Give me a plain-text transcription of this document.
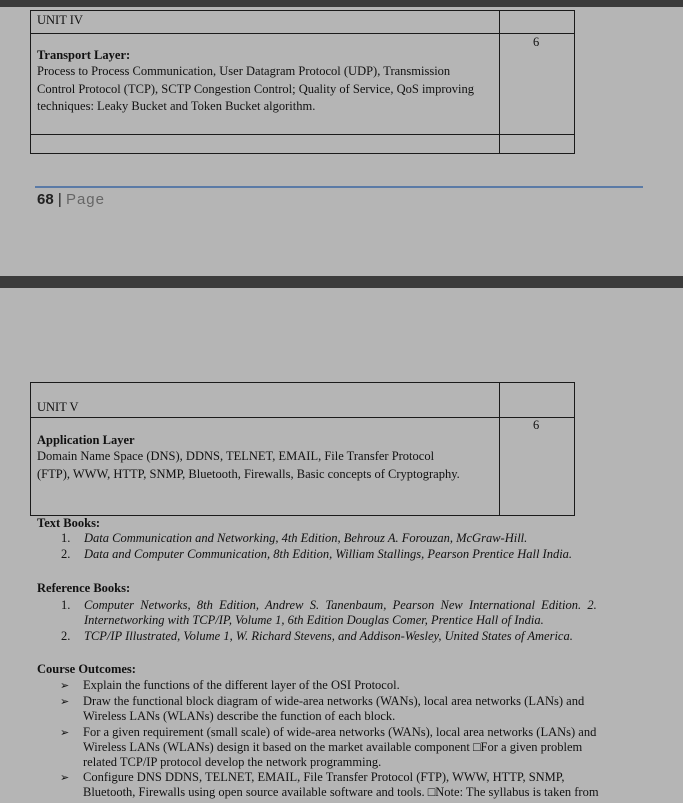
UNIT IV
6
Transport Layer:
Process to Process Communication, User Datagram Protocol (UDP), Transmission Control Protocol (TCP), SCTP Congestion Control; Quality of Service, QoS improving techniques: Leaky Bucket and Token Bucket algorithm.
68 | Page
UNIT V
6
Application Layer
Domain Name Space (DNS), DDNS, TELNET, EMAIL, File Transfer Protocol (FTP), WWW, HTTP, SNMP, Bluetooth, Firewalls, Basic concepts of Cryptography.
Text Books:
1. Data Communication and Networking, 4th Edition, Behrouz A. Forouzan, McGraw-Hill.
2. Data and Computer Communication, 8th Edition, William Stallings, Pearson Prentice Hall India.
Reference Books:
1. Computer  Networks,  8th  Edition,  Andrew  S.  Tanenbaum,  Pearson  New  International  Edition.  2.
Internetworking with TCP/IP, Volume 1, 6th Edition Douglas Comer, Prentice Hall of India.
2. TCP/IP Illustrated, Volume 1, W. Richard Stevens, and Addison-Wesley, United States of America.
Course Outcomes:
➢ Explain the functions of the different layer of the OSI Protocol.
➢ Draw the functional block diagram of wide-area networks (WANs), local area networks (LANs) and
Wireless LANs (WLANs) describe the function of each block.
➢ For a given requirement (small scale) of wide-area networks (WANs), local area networks (LANs) and
Wireless LANs (WLANs) design it based on the market available component □For a given problem
related TCP/IP protocol develop the network programming.
➢ Configure DNS DDNS, TELNET, EMAIL, File Transfer Protocol (FTP), WWW, HTTP, SNMP,
Bluetooth, Firewalls using open source available software and tools. □Note: The syllabus is taken from
